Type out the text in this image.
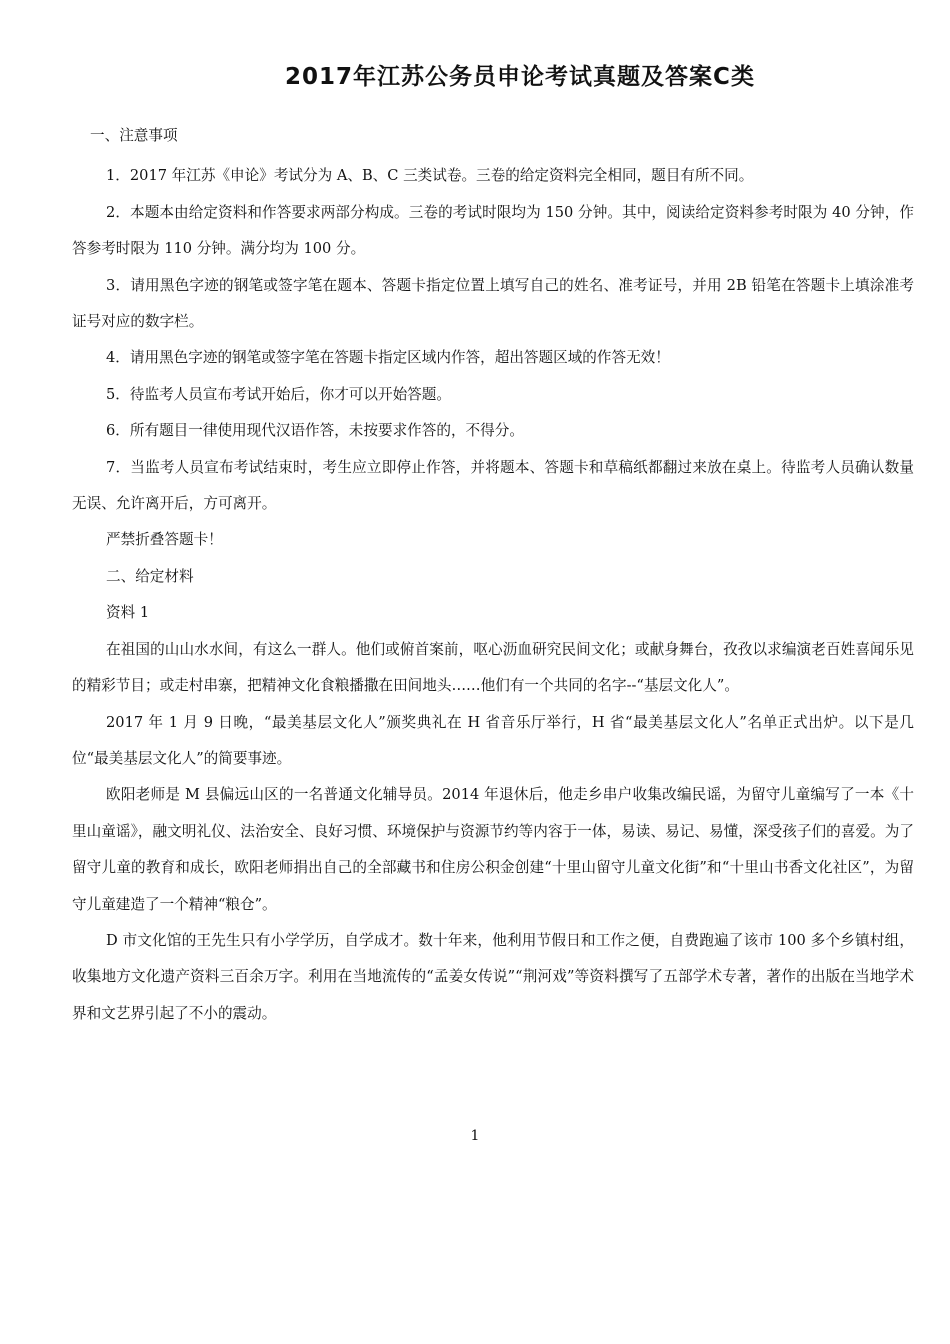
2017年江苏公务员申论考试真题及答案C类

一、注意事项

1．2017 年江苏《申论》考试分为 A、B、C 三类试卷。三卷的给定资料完全相同，题目有所不同。

2．本题本由给定资料和作答要求两部分构成。三卷的考试时限均为 150 分钟。其中，阅读给定资料参考时限为 40 分钟，作答参考时限为 110 分钟。满分均为 100 分。

3．请用黑色字迹的钢笔或签字笔在题本、答题卡指定位置上填写自己的姓名、准考证号，并用 2B 铅笔在答题卡上填涂准考证号对应的数字栏。

4．请用黑色字迹的钢笔或签字笔在答题卡指定区域内作答，超出答题区域的作答无效！

5．待监考人员宣布考试开始后，你才可以开始答题。

6．所有题目一律使用现代汉语作答，未按要求作答的，不得分。

7．当监考人员宣布考试结束时，考生应立即停止作答，并将题本、答题卡和草稿纸都翻过来放在桌上。待监考人员确认数量无误、允许离开后，方可离开。

严禁折叠答题卡！

二、给定材料

资料 1

在祖国的山山水水间，有这么一群人。他们或俯首案前，呕心沥血研究民间文化；或献身舞台，孜孜以求编演老百姓喜闻乐见的精彩节目；或走村串寨，把精神文化食粮播撒在田间地头……他们有一个共同的名字--“基层文化人”。

2017 年 1 月 9 日晚，“最美基层文化人”颁奖典礼在 H 省音乐厅举行，H 省“最美基层文化人”名单正式出炉。以下是几位“最美基层文化人”的简要事迹。

欧阳老师是 M 县偏远山区的一名普通文化辅导员。2014 年退休后，他走乡串户收集改编民谣，为留守儿童编写了一本《十里山童谣》，融文明礼仪、法治安全、良好习惯、环境保护与资源节约等内容于一体，易读、易记、易懂，深受孩子们的喜爱。为了留守儿童的教育和成长，欧阳老师捐出自己的全部藏书和住房公积金创建“十里山留守儿童文化街”和“十里山书香文化社区”，为留守儿童建造了一个精神“粮仓”。

D 市文化馆的王先生只有小学学历，自学成才。数十年来，他利用节假日和工作之便，自费跑遍了该市 100 多个乡镇村组，收集地方文化遗产资料三百余万字。利用在当地流传的“孟姜女传说”“荆河戏”等资料撰写了五部学术专著，著作的出版在当地学术界和文艺界引起了不小的震动。

1
